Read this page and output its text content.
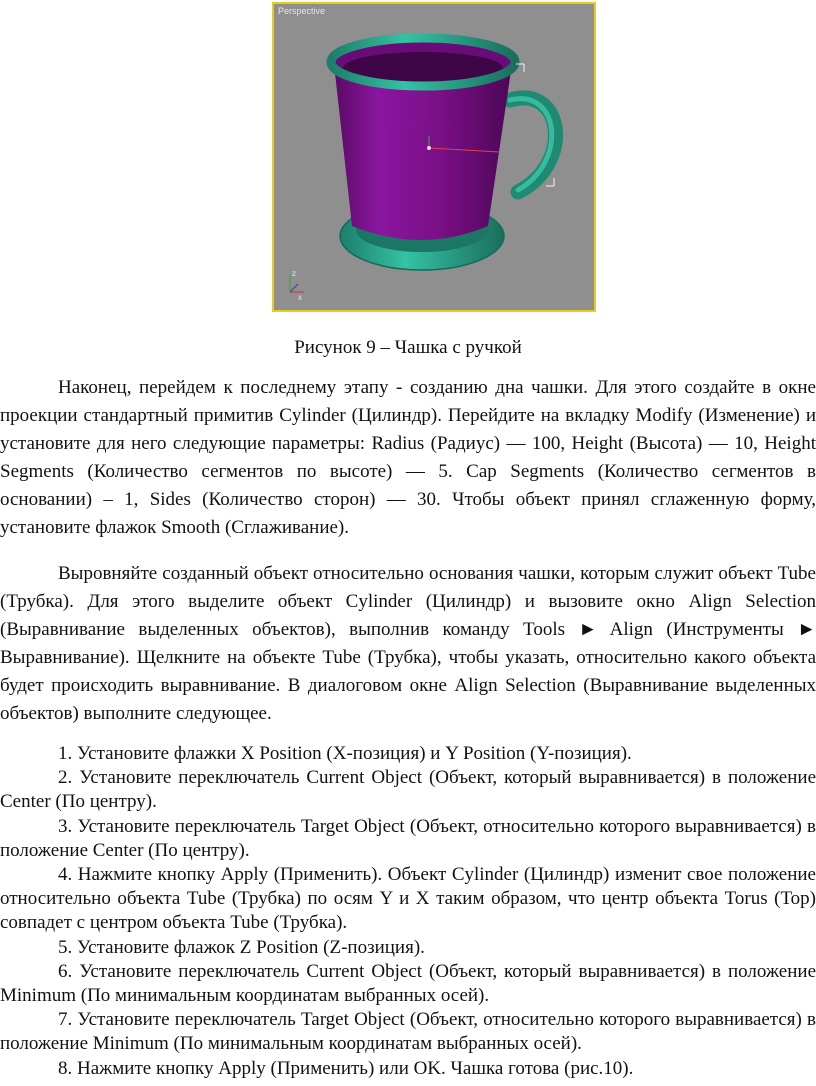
Perspective
z
x
Рисунок 9 – Чашка с ручкой

Наконец, перейдем к последнему этапу - созданию дна чашки. Для этого создайте в окне проекции стандартный примитив Cylinder (Цилиндр). Перейдите на вкладку Modify (Изменение) и установите для него следующие параметры: Radius (Радиус) — 100, Height (Высота) — 10, Height Segments (Количество сегментов по высоте) — 5. Cap Segments (Количество сегментов в основании) – 1, Sides (Количество сторон) — 30. Чтобы объект принял сглаженную форму, установите флажок Smooth (Сглаживание).

Выровняйте созданный объект относительно основания чашки, которым служит объект Tube (Трубка). Для этого выделите объект Cylinder (Цилиндр) и вызовите окно Align Selection (Выравнивание выделенных объектов), выполнив команду Tools ► Align (Инструменты ► Выравнивание). Щелкните на объекте Tube (Трубка), чтобы указать, относительно какого объекта будет происходить выравнивание. В диалоговом окне Align Selection (Выравнивание выделенных объектов) выполните следующее.

1. Установите флажки X Position (X-позиция) и Y Position (Y-позиция).
2. Установите переключатель Current Object (Объект, который выравнивается) в положение Center (По центру).
3. Установите переключатель Target Object (Объект, относительно которого выравнивается) в положение Center (По центру).
4. Нажмите кнопку Apply (Применить). Объект Cylinder (Цилиндр) изменит свое положение относительно объекта Tube (Трубка) по осям Y и X таким образом, что центр объекта Torus (Тор) совпадет с центром объекта Tube (Трубка).
5. Установите флажок Z Position (Z-позиция).
6. Установите переключатель Current Object (Объект, который выравнивается) в положение Minimum (По минимальным координатам выбранных осей).
7. Установите переключатель Target Object (Объект, относительно которого выравнивается) в положение Minimum (По минимальным координатам выбранных осей).
8. Нажмите кнопку Apply (Применить) или OK. Чашка готова (рис.10).
